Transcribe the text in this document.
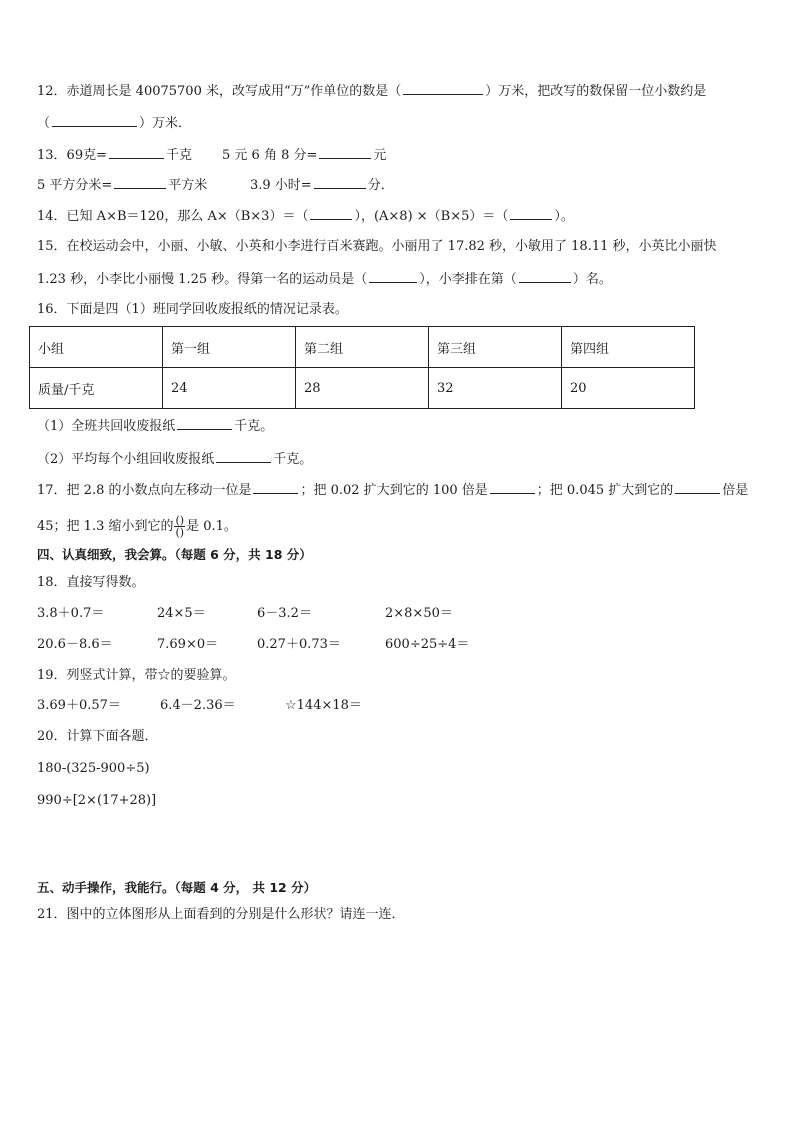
12．赤道周长是 40075700 米，改写成用“万”作单位的数是（	）万米，把改写的数保留一位小数约是
（	）万米．
13．69克=	千克 5 元 6 角 8 分=	元
5 平方分米=	平方米	3.9 小时=	分．
14．已知 A×B＝120，那么 A×（B×3）＝（	），(A×8) ×（B×5）＝（	）。
15．在校运动会中，小丽、小敏、小英和小李进行百米赛跑。小丽用了 17.82 秒，小敏用了 18.11 秒，小英比小丽快
1.23 秒，小李比小丽慢 1.25 秒。得第一名的运动员是（	），小李排在第（	）名。
16．下面是四（1）班同学回收废报纸的情况记录表。
小组	第一组	第二组	第三组	第四组
质量/千克	24	28	32	20
（1）全班共回收废报纸	千克。
（2）平均每个小组回收废报纸	千克。
17．把 2.8 的小数点向左移动一位是	；把 0.02 扩大到它的 100 倍是	；把 0.045 扩大到它的	倍是
45；把 1.3 缩小到它的 $\frac{()}{()}$ 是 0.1。
四、认真细致，我会算。（每题 6 分，共 18 分）
18．直接写得数。
3.8＋0.7＝	24×5＝	6－3.2＝	2×8×50＝
20.6－8.6＝	7.69×0＝	0.27＋0.73＝	600÷25÷4＝
19．列竖式计算，带☆的要验算。
3.69＋0.57＝	6.4－2.36＝	☆144×18＝
20．计算下面各题．
180-(325-900÷5)
990÷[2×(17+28)]
五、动手操作，我能行。（每题 4 分， 共 12 分）
21．图中的立体图形从上面看到的分别是什么形状？请连一连．
